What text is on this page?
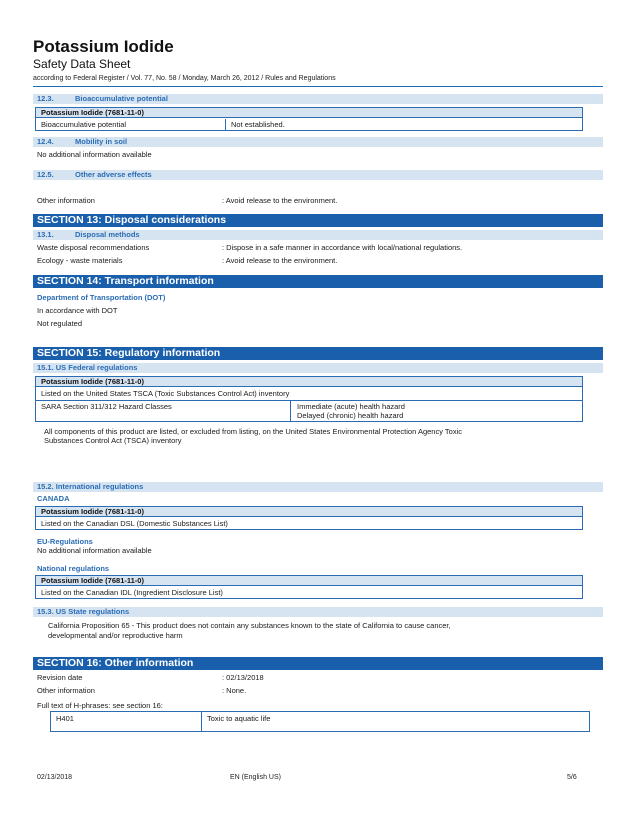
Potassium Iodide
Safety Data Sheet
according to Federal Register / Vol. 77, No. 58 / Monday, March 26, 2012 / Rules and Regulations
12.3.	Bioaccumulative potential
Potassium Iodide (7681-11-0)
Bioaccumulative potential	Not established.
12.4.	Mobility in soil
No additional information available
12.5.	Other adverse effects
Other information	: Avoid release to the environment.
SECTION 13: Disposal considerations
13.1.	Disposal methods
Waste disposal recommendations	: Dispose in a safe manner in accordance with local/national regulations.
Ecology - waste materials	: Avoid release to the environment.
SECTION 14: Transport information
Department of Transportation (DOT)
In accordance with DOT
Not regulated
SECTION 15: Regulatory information
15.1. US Federal regulations
Potassium Iodide (7681-11-0)
Listed on the United States TSCA (Toxic Substances Control Act) inventory
SARA Section 311/312 Hazard Classes	Immediate (acute) health hazard
Delayed (chronic) health hazard
All components of this product are listed, or excluded from listing, on the United States Environmental Protection Agency Toxic
Substances Control Act (TSCA) inventory
15.2. International regulations
CANADA
Potassium Iodide (7681-11-0)
Listed on the Canadian DSL (Domestic Substances List)
EU-Regulations
No additional information available
National regulations
Potassium Iodide (7681-11-0)
Listed on the Canadian IDL (Ingredient Disclosure List)
15.3. US State regulations
California Proposition 65 - This product does not contain any substances known to the state of California to cause cancer,
developmental and/or reproductive harm
SECTION 16: Other information
Revision date	: 02/13/2018
Other information	: None.
Full text of H-phrases: see section 16:
H401	Toxic to aquatic life
02/13/2018	EN (English US)	5/6
